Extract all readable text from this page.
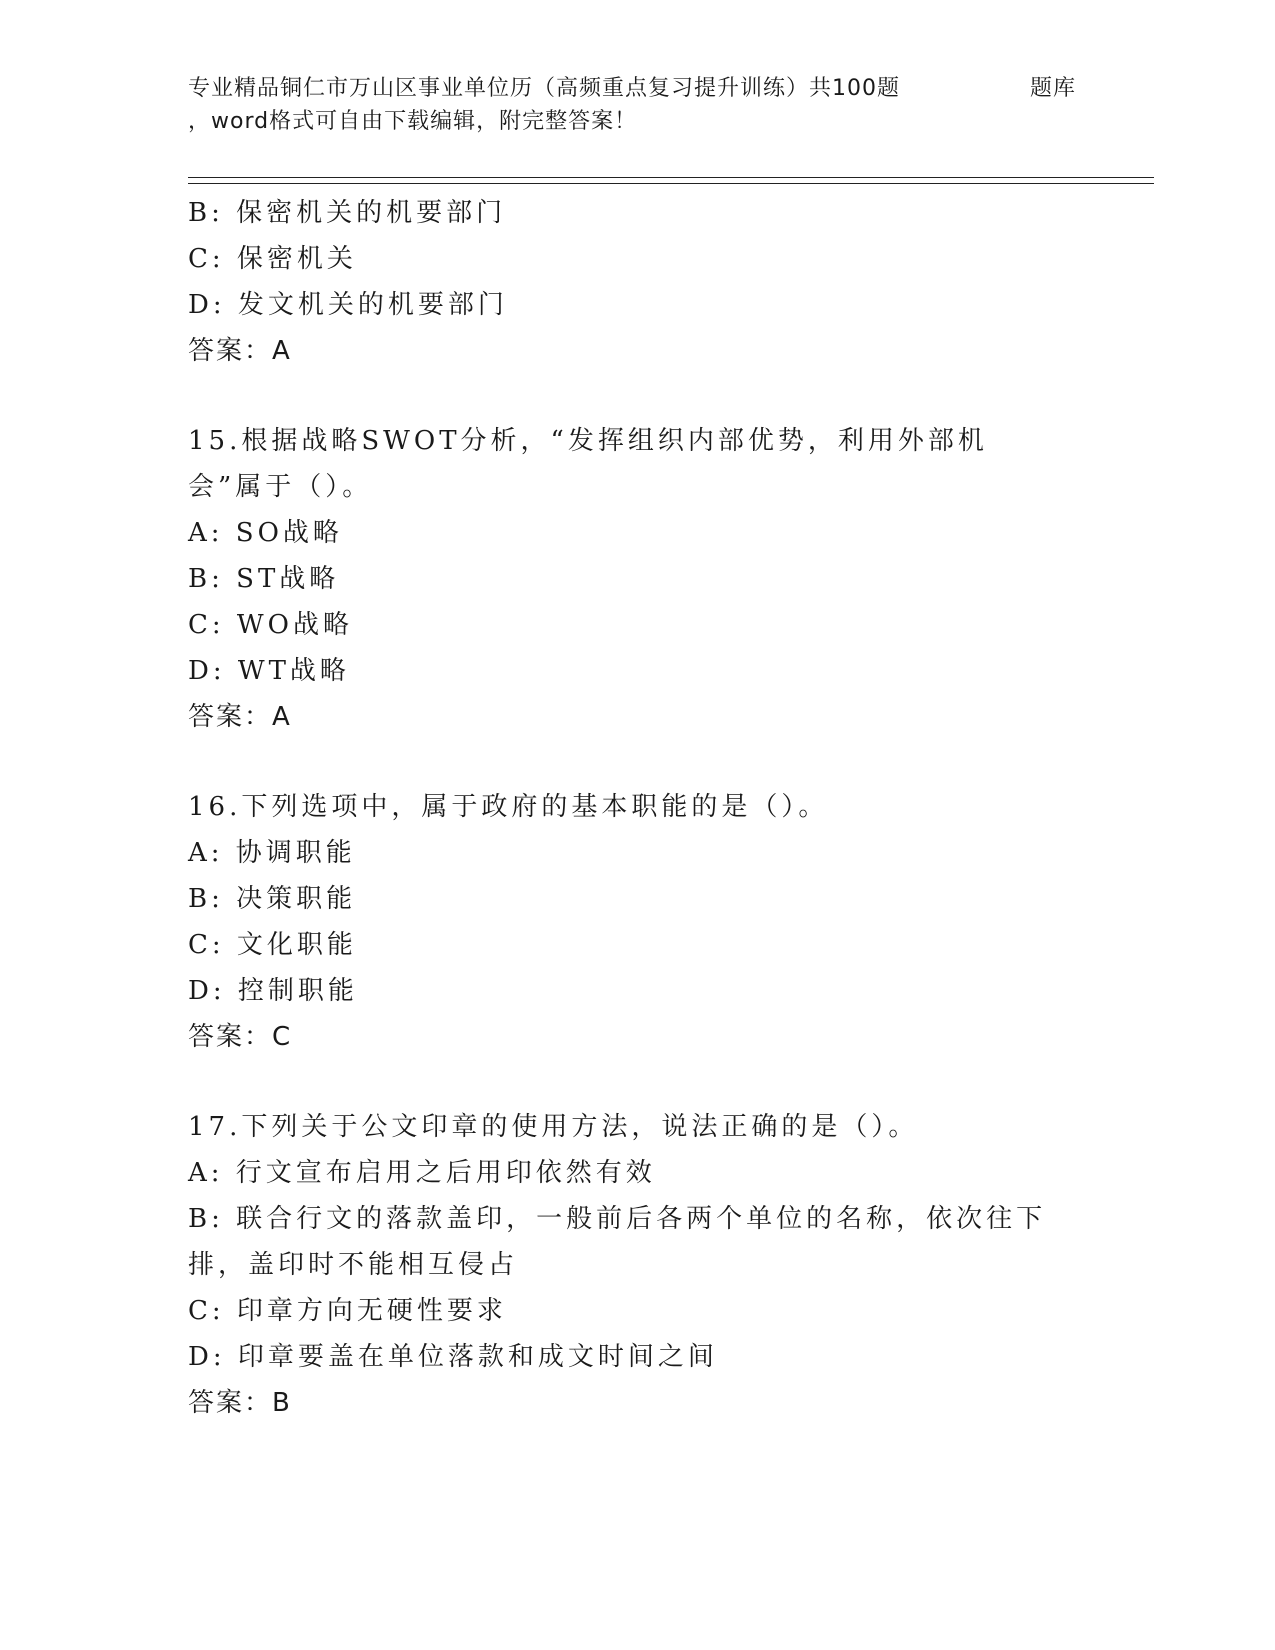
专业精品铜仁市万山区事业单位历（高频重点复习提升训练）共100题	题库
，word格式可自由下载编辑，附完整答案！
B: 保密机关的机要部门
C: 保密机关
D: 发文机关的机要部门
答案：A
15.根据战略SWOT分析，“发挥组织内部优势，利用外部机会”属于（）。
A: SO战略
B: ST战略
C: WO战略
D: WT战略
答案：A
16.下列选项中，属于政府的基本职能的是（）。
A: 协调职能
B: 决策职能
C: 文化职能
D: 控制职能
答案：C
17.下列关于公文印章的使用方法，说法正确的是（）。
A: 行文宣布启用之后用印依然有效
B: 联合行文的落款盖印，一般前后各两个单位的名称，依次往下排，盖印时不能相互侵占
C: 印章方向无硬性要求
D: 印章要盖在单位落款和成文时间之间
答案：B
